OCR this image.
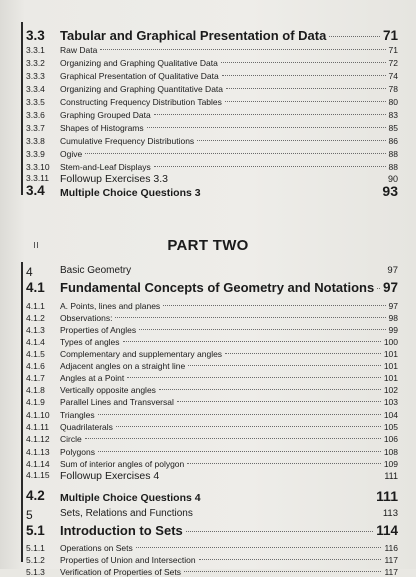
ıı	PART TWO
3.3 Tabular and Graphical Presentation of Data	71
3.3.1 Raw Data	71
3.3.2 Organizing and Graphing Qualitative Data	72
3.3.3 Graphical Presentation of Qualitative Data	74
3.3.4 Organizing and Graphing Quantitative Data	78
3.3.5 Constructing Frequency Distribution Tables	80
3.3.6 Graphing Grouped Data	83
3.3.7 Shapes of Histograms	85
3.3.8 Cumulative Frequency Distributions	86
3.3.9 Ogive	88
3.3.10 Stem-and-Leaf Displays	88
3.3.11 Followup Exercises 3.3	90
3.4 Multiple Choice Questions 3	93
4	Basic Geometry	97
4.1 Fundamental Concepts of Geometry and Notations 97
4.1.1 A. Points, lines and planes	97
4.1.2 Observations:	98
4.1.3 Properties of Angles	99
4.1.4 Types of angles	100
4.1.5 Complementary and supplementary angles	101
4.1.6 Adjacent angles on a straight line	101
4.1.7 Angles at a Point	101
4.1.8 Vertically opposite angles	102
4.1.9 Parallel Lines and Transversal	103
4.1.10 Triangles	104
4.1.11 Quadrilaterals	105
4.1.12 Circle	106
4.1.13 Polygons	108
4.1.14 Sum of interior angles of polygon	109
4.1.15 Followup Exercises 4	111
4.2 Multiple Choice Questions 4	111
5	Sets, Relations and Functions	113
5.1 Introduction to Sets	114
5.1.1 Operations on Sets	116
5.1.2 Properties of Union and Intersection	117
5.1.3 Verification of Properties of Sets	117
